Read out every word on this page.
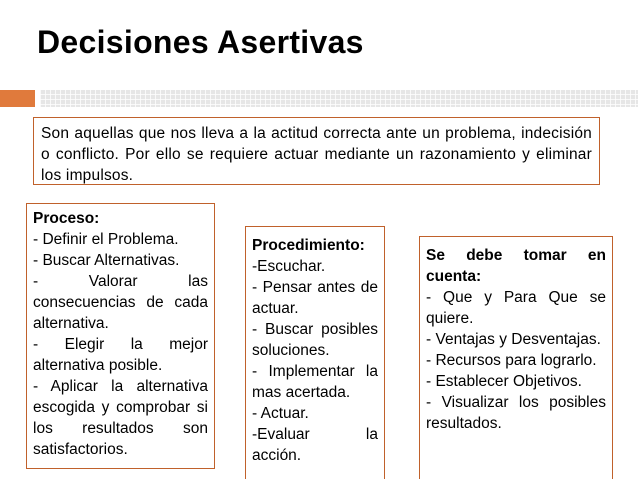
Decisiones Asertivas
Son aquellas que nos lleva a la actitud correcta ante un problema, indecisión o conflicto. Por ello se requiere actuar mediante un razonamiento y eliminar los impulsos.
Proceso:
- Definir el Problema.
- Buscar Alternativas.
- Valorar las consecuencias de cada alternativa.
- Elegir la mejor alternativa posible.
- Aplicar la alternativa escogida y comprobar si los resultados son satisfactorios.
Procedimiento:
-Escuchar.
- Pensar antes de actuar.
- Buscar posibles soluciones.
- Implementar la mas acertada.
- Actuar.
-Evaluar la acción.
Se debe tomar en cuenta:
- Que y Para Que se quiere.
- Ventajas y Desventajas.
- Recursos para lograrlo.
- Establecer Objetivos.
- Visualizar los posibles resultados.
